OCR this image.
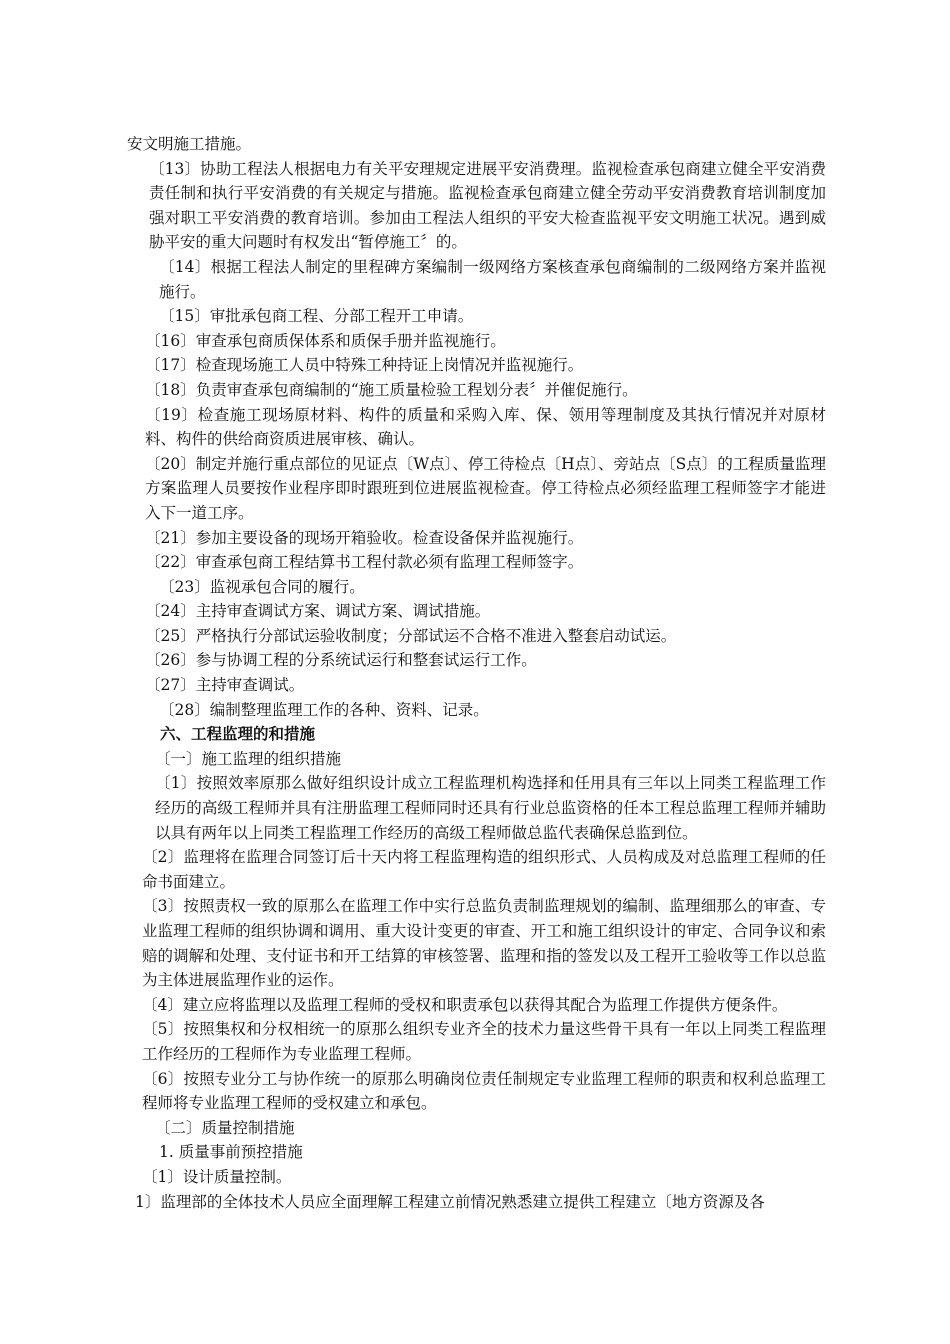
安文明施工措施。

〔13〕协助工程法人根据电力有关平安理规定进展平安消费理。监视检查承包商建立健全平安消费责任制和执行平安消费的有关规定与措施。监视检查承包商建立健全劳动平安消费教育培训制度加强对职工平安消费的教育培训。参加由工程法人组织的平安大检查监视平安文明施工状况。遇到威胁平安的重大问题时有权发出“暂停施工〞的。

〔14〕根据工程法人制定的里程碑方案编制一级网络方案核查承包商编制的二级网络方案并监视施行。

〔15〕审批承包商工程、分部工程开工申请。

〔16〕审查承包商质保体系和质保手册并监视施行。

〔17〕检查现场施工人员中特殊工种持证上岗情况并监视施行。

〔18〕负责审查承包商编制的“施工质量检验工程划分表〞并催促施行。

〔19〕检查施工现场原材料、构件的质量和采购入库、保、领用等理制度及其执行情况并对原材料、构件的供给商资质进展审核、确认。

〔20〕制定并施行重点部位的见证点〔W点〕、停工待检点〔H点〕、旁站点〔S点〕的工程质量监理方案监理人员要按作业程序即时跟班到位进展监视检查。停工待检点必须经监理工程师签字才能进入下一道工序。

〔21〕参加主要设备的现场开箱验收。检查设备保并监视施行。

〔22〕审查承包商工程结算书工程付款必须有监理工程师签字。

〔23〕监视承包合同的履行。

〔24〕主持审查调试方案、调试方案、调试措施。

〔25〕严格执行分部试运验收制度；分部试运不合格不准进入整套启动试运。

〔26〕参与协调工程的分系统试运行和整套试运行工作。

〔27〕主持审查调试。

〔28〕编制整理监理工作的各种、资料、记录。

六、工程监理的和措施

〔一〕施工监理的组织措施

〔1〕按照效率原那么做好组织设计成立工程监理机构选择和任用具有三年以上同类工程监理工作经历的高级工程师并具有注册监理工程师同时还具有行业总监资格的任本工程总监理工程师并辅助以具有两年以上同类工程监理工作经历的高级工程师做总监代表确保总监到位。

〔2〕监理将在监理合同签订后十天内将工程监理构造的组织形式、人员构成及对总监理工程师的任命书面建立。

〔3〕按照责权一致的原那么在监理工作中实行总监负责制监理规划的编制、监理细那么的审查、专业监理工程师的组织协调和调用、重大设计变更的审查、开工和施工组织设计的审定、合同争议和索赔的调解和处理、支付证书和开工结算的审核签署、监理和指的签发以及工程开工验收等工作以总监为主体进展监理作业的运作。

〔4〕建立应将监理以及监理工程师的受权和职责承包以获得其配合为监理工作提供方便条件。

〔5〕按照集权和分权相统一的原那么组织专业齐全的技术力量这些骨干具有一年以上同类工程监理工作经历的工程师作为专业监理工程师。

〔6〕按照专业分工与协作统一的原那么明确岗位责任制规定专业监理工程师的职责和权利总监理工程师将专业监理工程师的受权建立和承包。

〔二〕质量控制措施

1. 质量事前预控措施

〔1〕设计质量控制。

1〕监理部的全体技术人员应全面理解工程建立前情况熟悉建立提供工程建立〔地方资源及各
